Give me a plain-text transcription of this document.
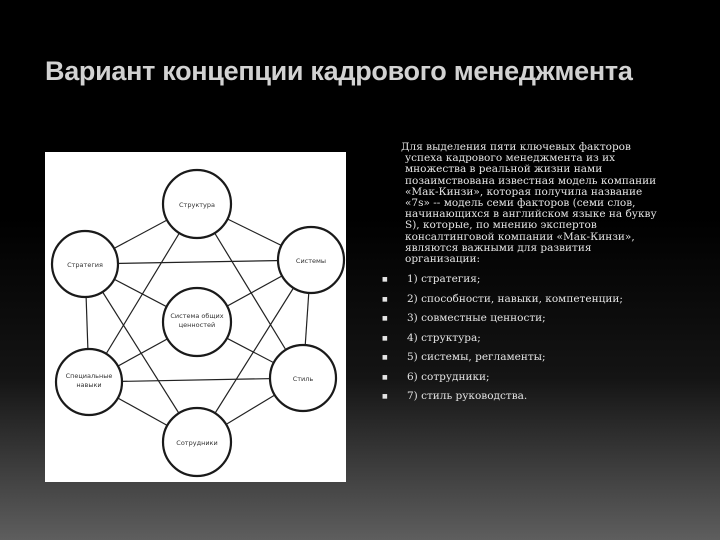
Вариант концепции кадрового менеджмента
Структура
Стратегия	Системы
Система общих
ценностей
Специальные
навыки
Стиль
Сотрудники

Для выделения пяти ключевых факторов успеха кадрового менеджмента из их множества в реальной жизни нами позаимствована известная модель компании «Мак-Кинзи», которая получила название «7s» -- модель семи факторов (семи слов, начинающихся в английском языке на букву S), которые, по мнению экспертов консалтинговой компании «Мак-Кинзи», являются важными для развития организации:

■ 1) стратегия;
■ 2) способности, навыки, компетенции;
■ 3) совместные ценности;
■ 4) структура;
■ 5) системы, регламенты;
■ 6) сотрудники;
■ 7) стиль руководства.
